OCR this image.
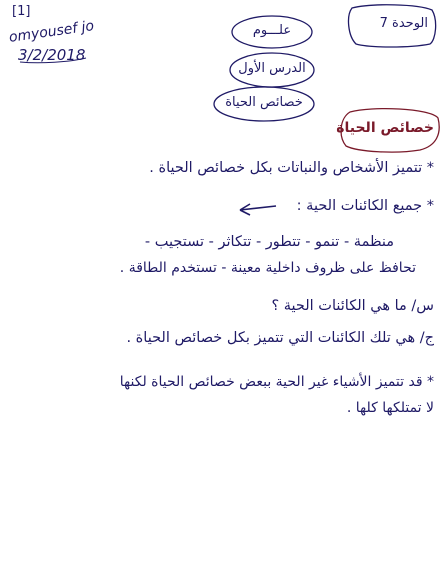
[1]
omyousef jo
3/2/2018
الوحدة 7
علـــوم
الدرس الأول
خصائص الحياة
خصائص الحياة
* تتميز الأشخاص والنباتات بكل خصائص الحياة .
* جميع الكائنات الحية :
منظمة - تنمو - تتطور - تتكاثر - تستجيب -
تحافظ على ظروف داخلية معينة - تستخدم الطاقة .
س/ ما هي الكائنات الحية ؟
ج/ هي تلك الكائنات التي تتميز بكل خصائص الحياة .
* قد تتميز الأشياء غير الحية ببعض خصائص الحياة لكنها
لا تمتلكها كلها .
